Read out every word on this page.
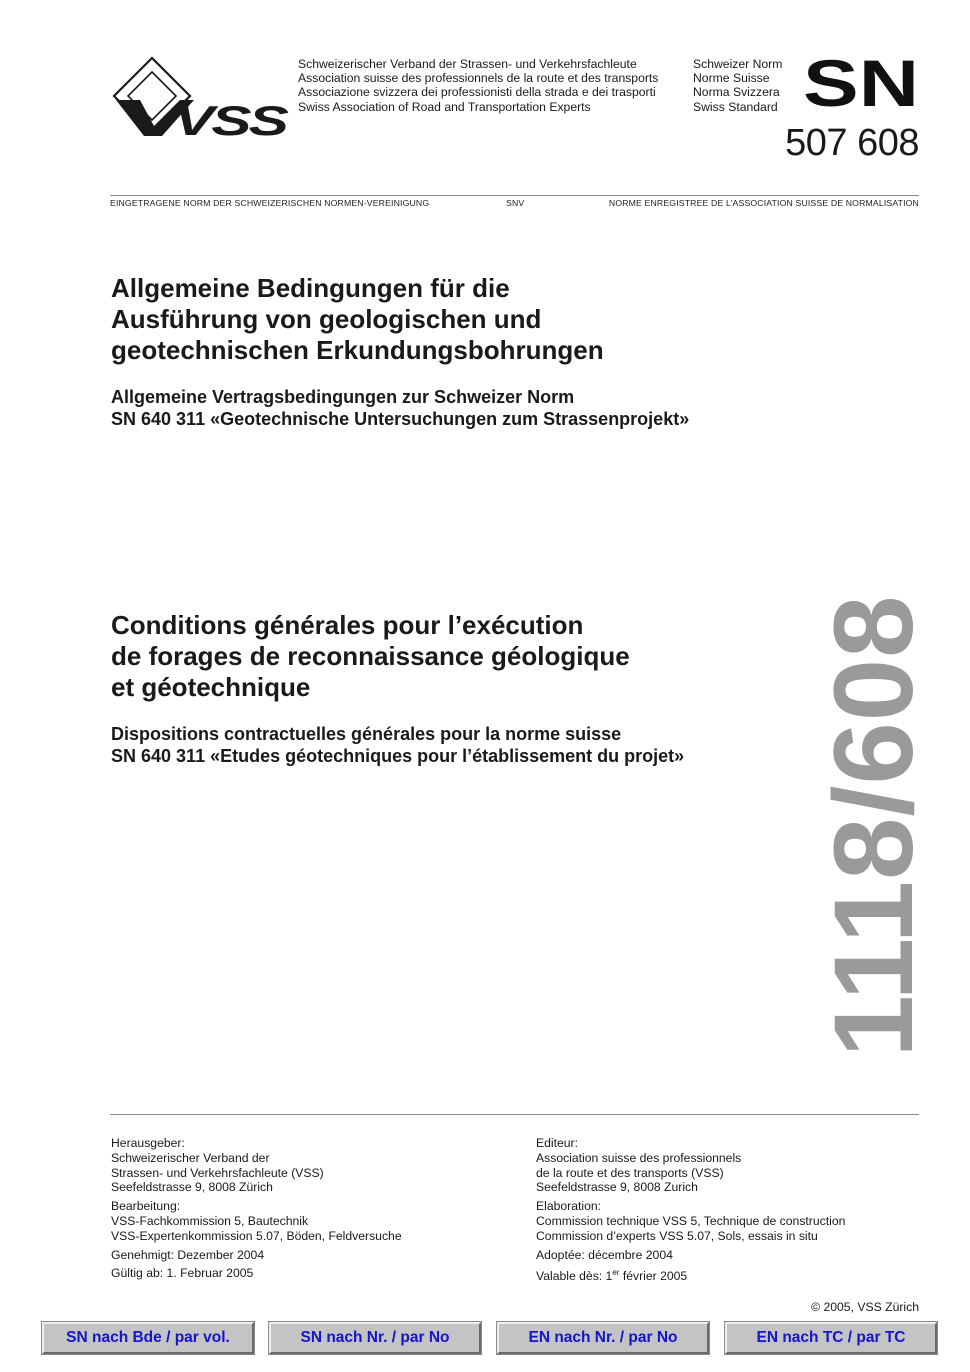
VSS
Schweizerischer Verband der Strassen- und Verkehrsfachleute
Association suisse des professionnels de la route et des transports
Associazione svizzera dei professionisti della strada e dei trasporti
Swiss Association of Road and Transportation Experts
Schweizer Norm
Norme Suisse
Norma Svizzera
Swiss Standard SN
507 608
EINGETRAGENE NORM DER SCHWEIZERISCHEN NORMEN-VEREINIGUNG	SNV	NORME ENREGISTREE DE L’ASSOCIATION SUISSE DE NORMALISATION
Allgemeine Bedingungen für die
Ausführung von geologischen und
geotechnischen Erkundungsbohrungen
Allgemeine Vertragsbedingungen zur Schweizer Norm
SN 640 311 «Geotechnische Untersuchungen zum Strassenprojekt»
Conditions générales pour l’exécution
de forages de reconnaissance géologique
et géotechnique
Dispositions contractuelles générales pour la norme suisse
SN 640 311 «Etudes géotechniques pour l’établissement du projet» 1118/608
Herausgeber:
Schweizerischer Verband der
Strassen- und Verkehrsfachleute (VSS)
Seefeldstrasse 9, 8008 Zürich
Bearbeitung:
VSS-Fachkommission 5, Bautechnik
VSS-Expertenkommission 5.07, Böden, Feldversuche
Genehmigt: Dezember 2004
Gültig ab: 1. Februar 2005
Editeur:
Association suisse des professionnels
de la route et des transports (VSS)
Seefeldstrasse 9, 8008 Zurich
Elaboration:
Commission technique VSS 5, Technique de construction
Commission d’experts VSS 5.07, Sols, essais in situ
Adoptée: décembre 2004
Valable dès: 1er février 2005
© 2005, VSS Zürich
SN nach Bde / par vol.	SN nach Nr. / par No	EN nach Nr. / par No	EN nach TC / par TC
